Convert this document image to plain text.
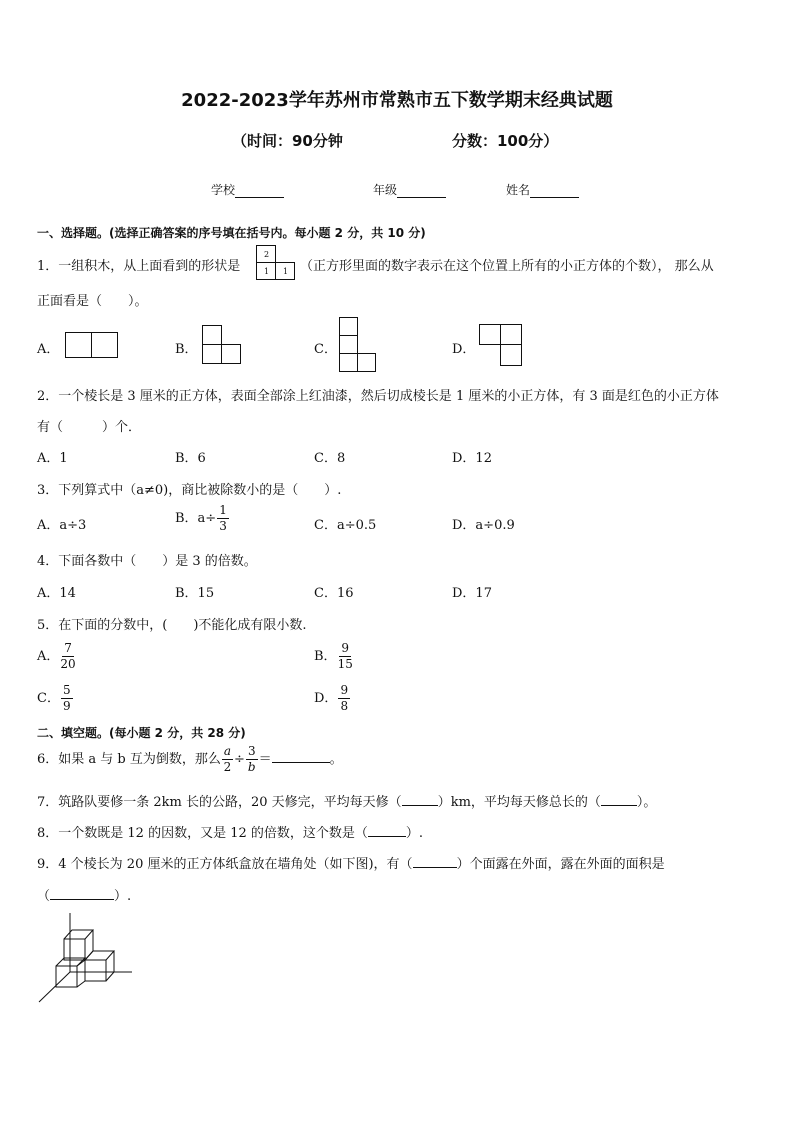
2022-2023学年苏州市常熟市五下数学期末经典试题
（时间：90分钟	分数：100分）
学校	年级	姓名
一、选择题。(选择正确答案的序号填在括号内。每小题 2 分，共 10 分)
1．一组积木，从上面看到的形状是
2
1 1 （正方形里面的数字表示在这个位置上所有的小正方体的个数）， 那么从
正面看是（　　）。
A．	B．	C．	D．
2．一个棱长是 3 厘米的正方体，表面全部涂上红油漆，然后切成棱长是 1 厘米的小正方体，有 3 面是红色的小正方体
有（　　　）个．
A．1	B．6	C．8	D．12
3．下列算式中（a≠0)，商比被除数小的是（　　）.
A．a÷3	B．$a\div \frac{1}{3}$	C．a÷0.5	D．a÷0.9
4．下面各数中（　　）是 3 的倍数。
A．14	B．15	C．16	D．17
5．在下面的分数中，(　　)不能化成有限小数.
A． $\frac{7}{20}$	B． $\frac{9}{15}$
C． $\frac{5}{9}$	D． $\frac{9}{8}$
二、填空题。(每小题 2 分，共 28 分)
6．如果 a 与 b 互为倒数，那么 $\frac{a}{2} \div \frac{3}{b}$ ＝	。
7．筑路队要修一条 2km 长的公路，20 天修完，平均每天修（	）km，平均每天修总长的（	）。
8．一个数既是 12 的因数，又是 12 的倍数，这个数是（	）.
9．4 个棱长为 20 厘米的正方体纸盒放在墙角处（如下图)，有（	）个面露在外面，露在外面的面积是
（	）.
